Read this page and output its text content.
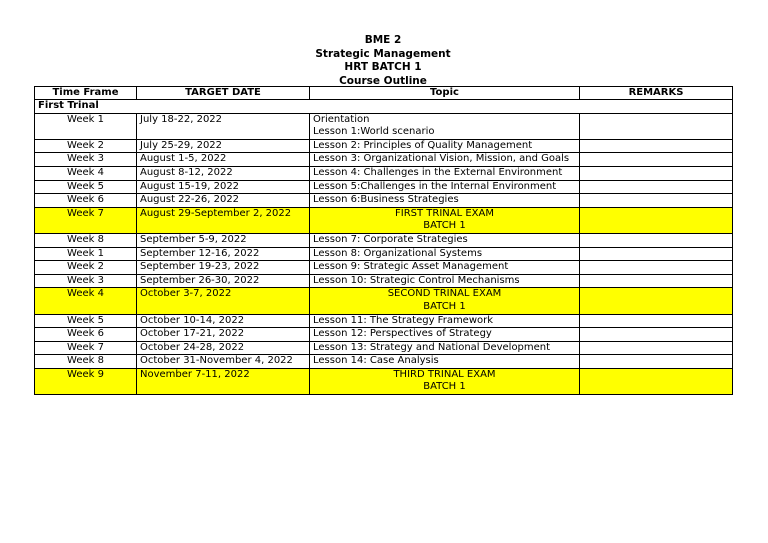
BME 2
Strategic Management
HRT BATCH 1
Course Outline
Time Frame	TARGET DATE	Topic	REMARKS
First Trinal			
Week 1	July 18-22, 2022	Orientation
Lesson 1:World scenario	

Week 2	July 25-29, 2022	Lesson 2: Principles of Quality Management	

Week 3	August 1-5, 2022	Lesson 3: Organizational Vision, Mission, and Goals	

Week 4	August 8-12, 2022	Lesson 4: Challenges in the External Environment	

Week 5	August 15-19, 2022	Lesson 5:Challenges in the Internal Environment	

Week 6	August 22-26, 2022	Lesson 6:Business Strategies	

Week 7	August 29-September 2, 2022	FIRST TRINAL EXAM
BATCH 1	

Week 8	September 5-9, 2022	Lesson 7: Corporate Strategies	

Week 1	September 12-16, 2022	Lesson 8: Organizational Systems	

Week 2	September 19-23, 2022	Lesson 9: Strategic Asset Management	

Week 3	September 26-30, 2022	Lesson 10: Strategic Control Mechanisms	

Week 4	October 3-7, 2022	SECOND TRINAL EXAM
BATCH 1	

Week 5	October 10-14, 2022	Lesson 11: The Strategy Framework	

Week 6	October 17-21, 2022	Lesson 12: Perspectives of Strategy	

Week 7	October 24-28, 2022	Lesson 13: Strategy and National Development	

Week 8	October 31-November 4, 2022	Lesson 14: Case Analysis	

Week 9	November 7-11, 2022	THIRD TRINAL EXAM
BATCH 1	
